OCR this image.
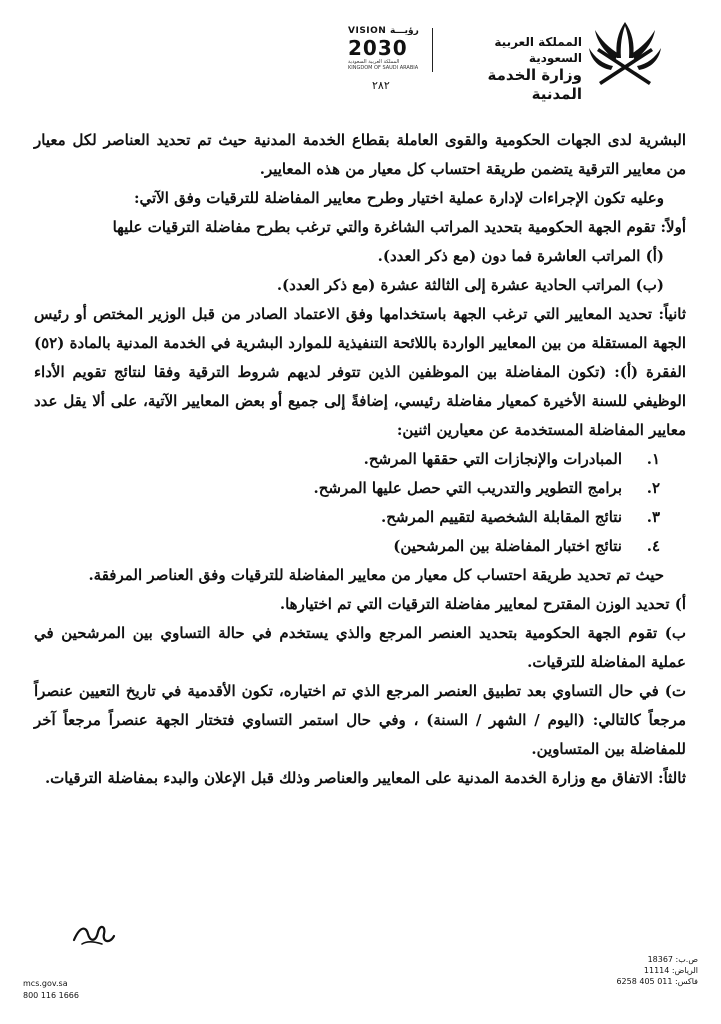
المملكة العربية السعودية
وزارة الخدمة المدنية
VISION رؤيـــة
2030
المملكة العربية السعودية
KINGDOM OF SAUDI ARABIA
٢٨٢

البشرية لدى الجهات الحكومية والقوى العاملة بقطاع الخدمة المدنية حيث تم تحديد العناصر لكل معيار من معايير الترقية يتضمن طريقة احتساب كل معيار من هذه المعايير.

وعليه تكون الإجراءات لإدارة عملية اختيار وطرح معايير المفاضلة للترقيات وفق الآتي:

أولاً: تقوم الجهة الحكومية بتحديد المراتب الشاغرة والتي ترغب بطرح مفاضلة الترقيات عليها

(أ) المراتب العاشرة فما دون (مع ذكر العدد).

(ب) المراتب الحادية عشرة إلى الثالثة عشرة (مع ذكر العدد).

ثانياً: تحديد المعايير التي ترغب الجهة باستخدامها وفق الاعتماد الصادر من قبل الوزير المختص أو رئيس الجهة المستقلة من بين المعايير الواردة باللائحة التنفيذية للموارد البشرية في الخدمة المدنية بالمادة (٥٢) الفقرة (أ): (تكون المفاضلة بين الموظفين الذين تتوفر لديهم شروط الترقية وفقا لنتائج تقويم الأداء الوظيفي للسنة الأخيرة كمعيار مفاضلة رئيسي، إضافةً إلى جميع أو بعض المعايير الآتية، على ألا يقل عدد معايير المفاضلة المستخدمة عن معيارين اثنين:

١.
المبادرات والإنجازات التي حققها المرشح.

٢.
برامج التطوير والتدريب التي حصل عليها المرشح.

٣.
نتائج المقابلة الشخصية لتقييم المرشح.

٤.
نتائج اختبار المفاضلة بين المرشحين)

حيث تم تحديد طريقة احتساب كل معيار من معايير المفاضلة للترقيات وفق العناصر المرفقة.

أ) تحديد الوزن المقترح لمعايير مفاضلة الترقيات التي تم اختيارها.

ب) تقوم الجهة الحكومية بتحديد العنصر المرجع والذي يستخدم في حالة التساوي بين المرشحين في عملية المفاضلة للترقيات.

ت) في حال التساوي بعد تطبيق العنصر المرجع الذي تم اختياره، تكون الأقدمية في تاريخ التعيين عنصراً مرجعاً كالتالي: (اليوم / الشهر / السنة) ، وفي حال استمر التساوي فتختار الجهة عنصراً مرجعاً آخر للمفاضلة بين المتساوين.

ثالثاً: الاتفاق مع وزارة الخدمة المدنية على المعايير والعناصر وذلك قبل الإعلان والبدء بمفاضلة الترقيات.

mcs.gov.sa
800 116 1666
ص.ب: 18367
الرياض: 11114
فاكس: 011 405 6258
